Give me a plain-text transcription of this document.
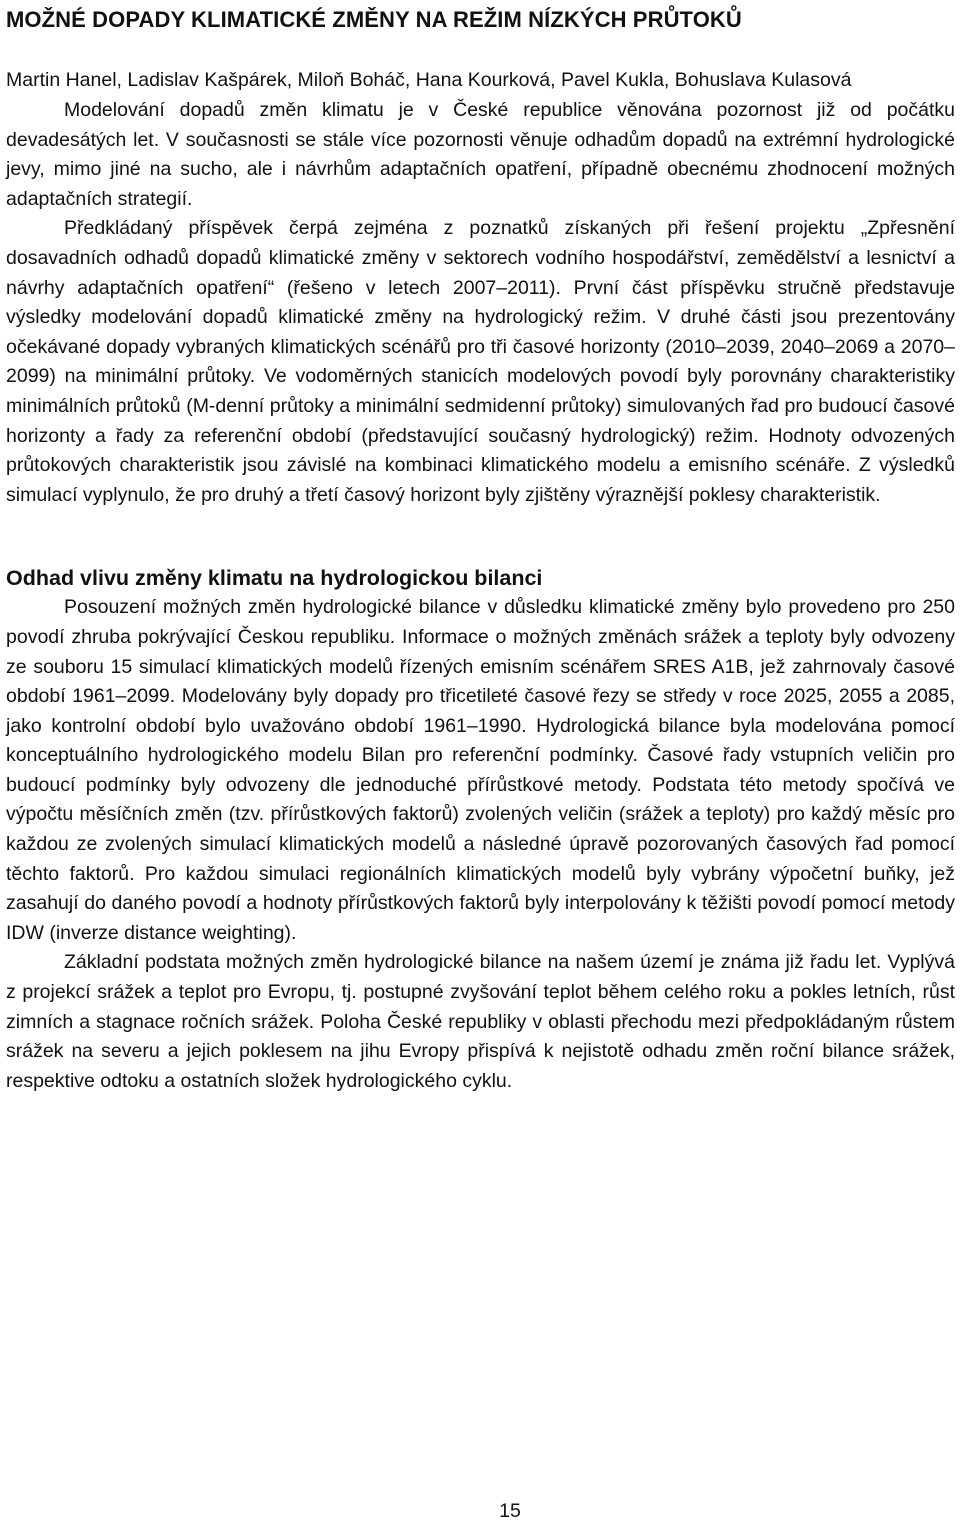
MOŽNÉ DOPADY KLIMATICKÉ ZMĚNY NA REŽIM NÍZKÝCH PRŮTOKŮ
Martin Hanel, Ladislav Kašpárek, Miloň Boháč, Hana Kourková, Pavel Kukla, Bohuslava Kulasová

Modelování dopadů změn klimatu je v České republice věnována pozornost již od počátku devadesátých let. V současnosti se stále více pozornosti věnuje odhadům dopadů na extrémní hydrologické jevy, mimo jiné na sucho, ale i návrhům adaptačních opatření, případně obecnému zhodnocení možných adaptačních strategií.

Předkládaný příspěvek čerpá zejména z poznatků získaných při řešení projektu „Zpřesnění dosavadních odhadů dopadů klimatické změny v sektorech vodního hospodářství, zemědělství a lesnictví a návrhy adaptačních opatření“ (řešeno v letech 2007–2011). První část příspěvku stručně představuje výsledky modelování dopadů klimatické změny na hydrologický režim. V druhé části jsou prezentovány očekávané dopady vybraných klimatických scénářů pro tři časové horizonty (2010–2039, 2040–2069 a 2070–2099) na minimální průtoky. Ve vodoměrných stanicích modelových povodí byly porovnány charakteristiky minimálních průtoků (M-denní průtoky a minimální sedmidenní průtoky) simulovaných řad pro budoucí časové horizonty a řady za referenční období (představující současný hydrologický) režim. Hodnoty odvozených průtokových charakteristik jsou závislé na kombinaci klimatického modelu a emisního scénáře. Z výsledků simulací vyplynulo, že pro druhý a třetí časový horizont byly zjištěny výraznější poklesy charakteristik.

Odhad vlivu změny klimatu na hydrologickou bilanci

Posouzení možných změn hydrologické bilance v důsledku klimatické změny bylo provedeno pro 250 povodí zhruba pokrývající Českou republiku. Informace o možných změnách srážek a teploty byly odvozeny ze souboru 15 simulací klimatických modelů řízených emisním scénářem SRES A1B, jež zahrnovaly časové období 1961–2099. Modelovány byly dopady pro třicetileté časové řezy se středy v roce 2025, 2055 a 2085, jako kontrolní období bylo uvažováno období 1961–1990. Hydrologická bilance byla modelována pomocí konceptuálního hydrologického modelu Bilan pro referenční podmínky. Časové řady vstupních veličin pro budoucí podmínky byly odvozeny dle jednoduché přírůstkové metody. Podstata této metody spočívá ve výpočtu měsíčních změn (tzv. přírůstkových faktorů) zvolených veličin (srážek a teploty) pro každý měsíc pro každou ze zvolených simulací klimatických modelů a následné úpravě pozorovaných časových řad pomocí těchto faktorů. Pro každou simulaci regionálních klimatických modelů byly vybrány výpočetní buňky, jež zasahují do daného povodí a hodnoty přírůstkových faktorů byly interpolovány k těžišti povodí pomocí metody IDW (inverze distance weighting).

Základní podstata možných změn hydrologické bilance na našem území je známa již řadu let. Vyplývá z projekcí srážek a teplot pro Evropu, tj. postupné zvyšování teplot během celého roku a pokles letních, růst zimních a stagnace ročních srážek. Poloha České republiky v oblasti přechodu mezi předpokládaným růstem srážek na severu a jejich poklesem na jihu Evropy přispívá k nejistotě odhadu změn roční bilance srážek, respektive odtoku a ostatních složek hydrologického cyklu.

15
